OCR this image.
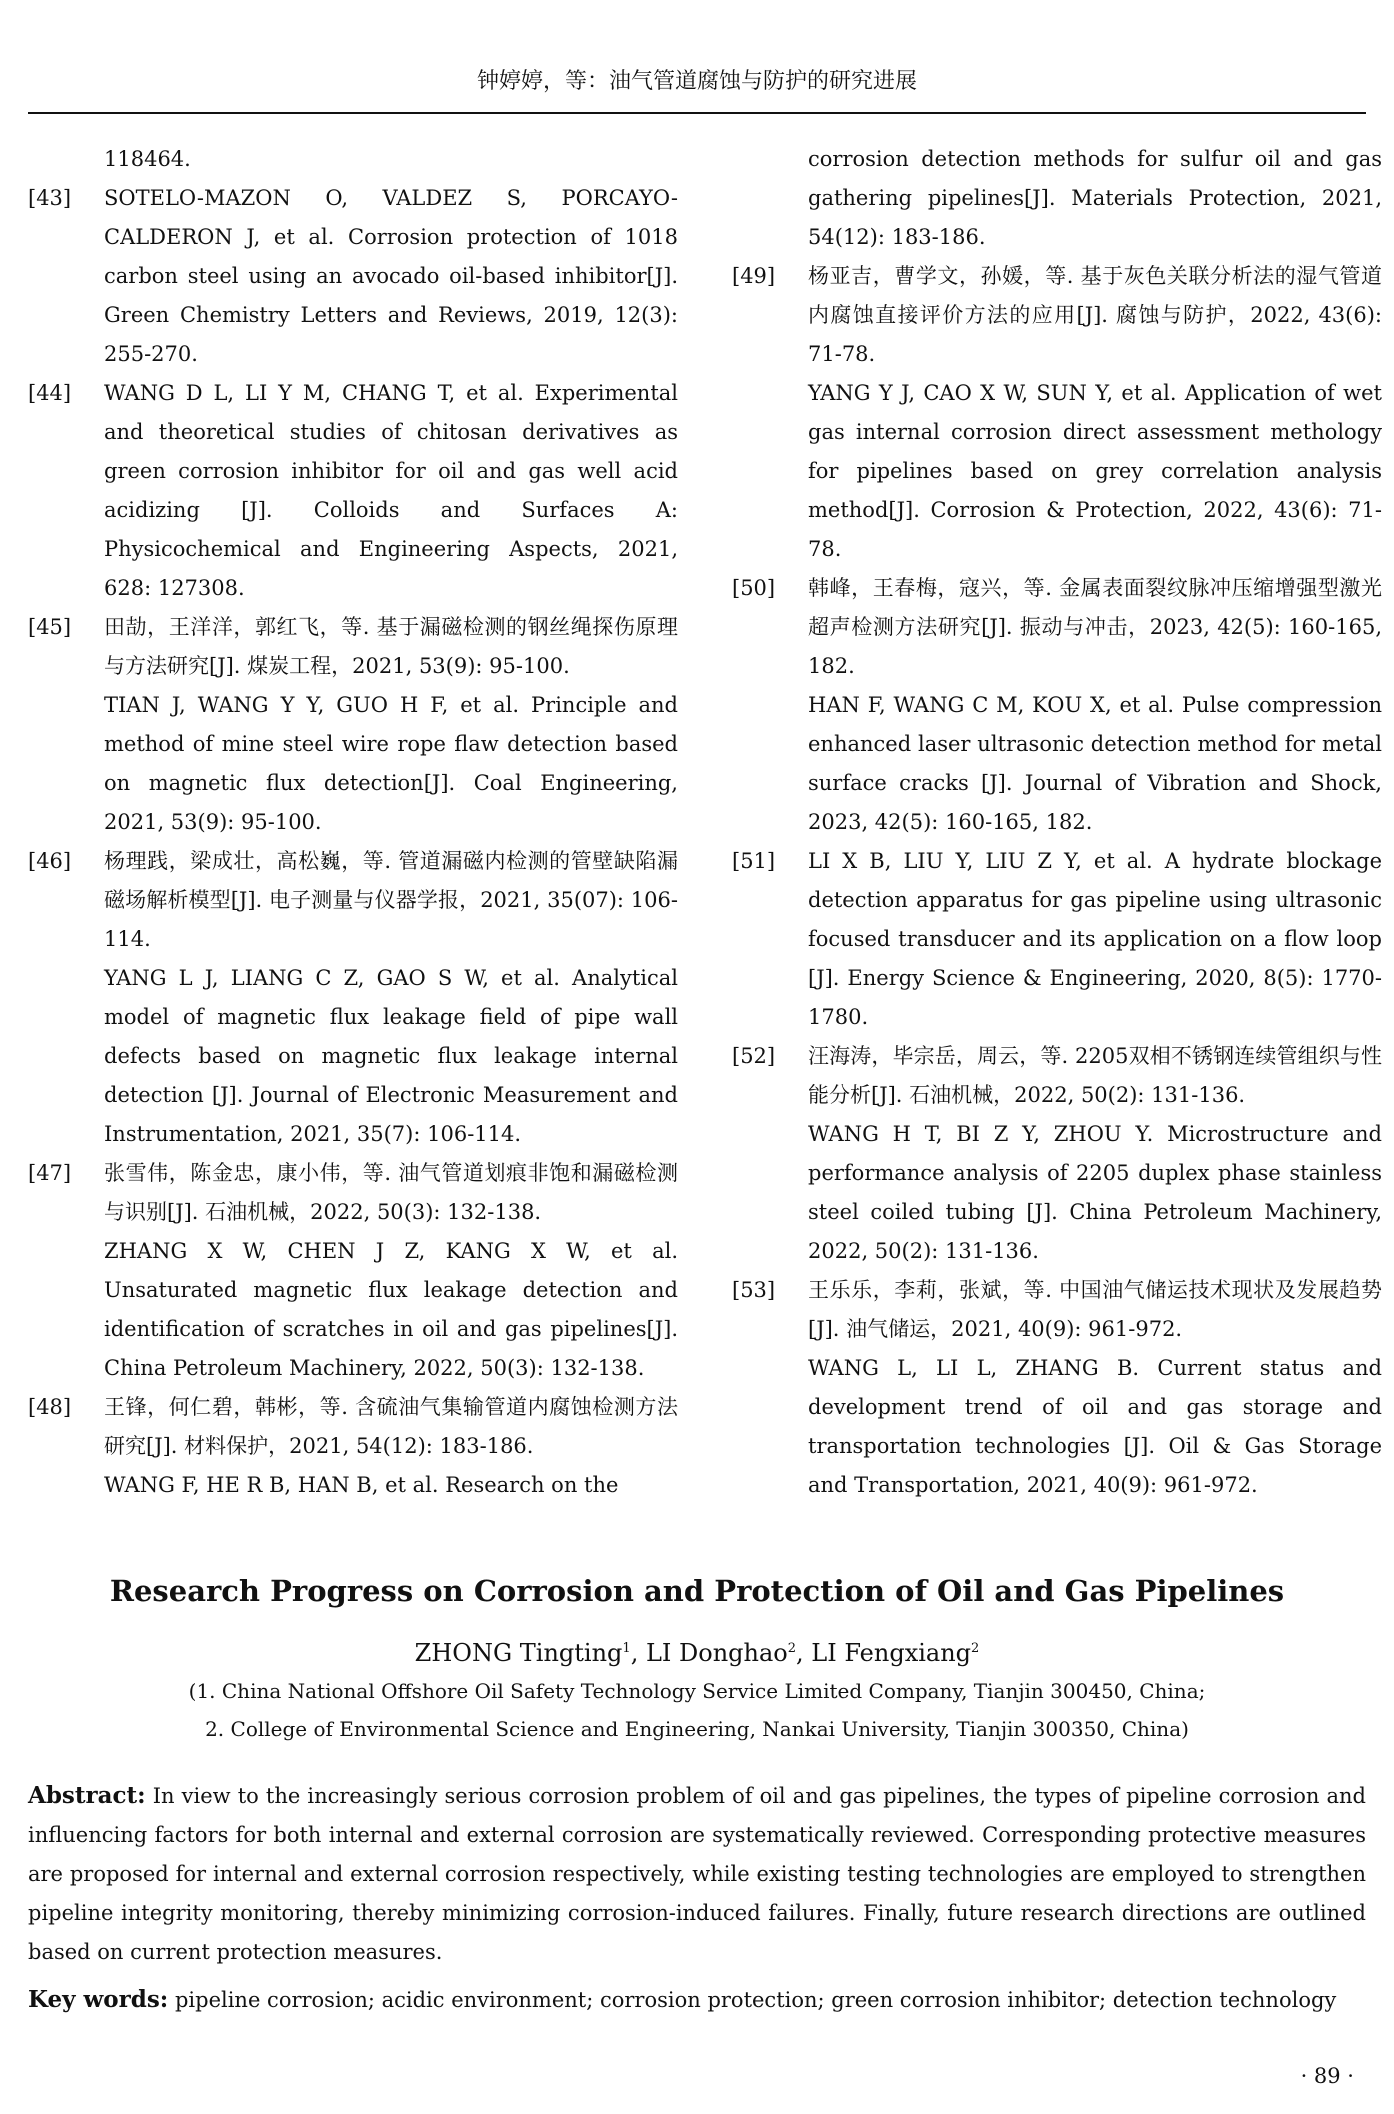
钟婷婷，等：油气管道腐蚀与防护的研究进展
118464.
[43] SOTELO-MAZON O, VALDEZ S, PORCAYO-CALDERON J, et al. Corrosion protection of 1018 carbon steel using an avocado oil-based inhibitor[J]. Green Chemistry Letters and Reviews, 2019, 12(3): 255-270.
[44] WANG D L, LI Y M, CHANG T, et al. Experimental and theoretical studies of chitosan derivatives as green corrosion inhibitor for oil and gas well acid acidizing [J]. Colloids and Surfaces A: Physicochemical and Engineering Aspects, 2021, 628: 127308.
[45] 田劼，王洋洋，郭红飞，等. 基于漏磁检测的钢丝绳探伤原理与方法研究[J]. 煤炭工程，2021, 53(9): 95-100.
TIAN J, WANG Y Y, GUO H F, et al. Principle and method of mine steel wire rope flaw detection based on magnetic flux detection[J]. Coal Engineering, 2021, 53(9): 95-100.
[46] 杨理践，梁成壮，高松巍，等. 管道漏磁内检测的管壁缺陷漏磁场解析模型[J]. 电子测量与仪器学报，2021, 35(07): 106-114.
YANG L J, LIANG C Z, GAO S W, et al. Analytical model of magnetic flux leakage field of pipe wall defects based on magnetic flux leakage internal detection [J]. Journal of Electronic Measurement and Instrumentation, 2021, 35(7): 106-114.
[47] 张雪伟，陈金忠，康小伟，等. 油气管道划痕非饱和漏磁检测与识别[J]. 石油机械，2022, 50(3): 132-138.
ZHANG X W, CHEN J Z, KANG X W, et al. Unsaturated magnetic flux leakage detection and identification of scratches in oil and gas pipelines[J]. China Petroleum Machinery, 2022, 50(3): 132-138.
[48] 王锋，何仁碧，韩彬，等. 含硫油气集输管道内腐蚀检测方法研究[J]. 材料保护，2021, 54(12): 183-186.
WANG F, HE R B, HAN B, et al. Research on the
corrosion detection methods for sulfur oil and gas gathering pipelines[J]. Materials Protection, 2021, 54(12): 183-186.
[49] 杨亚吉，曹学文，孙媛，等. 基于灰色关联分析法的湿气管道内腐蚀直接评价方法的应用[J]. 腐蚀与防护，2022, 43(6): 71-78.
YANG Y J, CAO X W, SUN Y, et al. Application of wet gas internal corrosion direct assessment methology for pipelines based on grey correlation analysis method[J]. Corrosion & Protection, 2022, 43(6): 71-78.
[50] 韩峰，王春梅，寇兴，等. 金属表面裂纹脉冲压缩增强型激光超声检测方法研究[J]. 振动与冲击，2023, 42(5): 160-165, 182.
HAN F, WANG C M, KOU X, et al. Pulse compression enhanced laser ultrasonic detection method for metal surface cracks [J]. Journal of Vibration and Shock, 2023, 42(5): 160-165, 182.
[51] LI X B, LIU Y, LIU Z Y, et al. A hydrate blockage detection apparatus for gas pipeline using ultrasonic focused transducer and its application on a flow loop [J]. Energy Science & Engineering, 2020, 8(5): 1770-1780.
[52] 汪海涛，毕宗岳，周云，等. 2205双相不锈钢连续管组织与性能分析[J]. 石油机械，2022, 50(2): 131-136.
WANG H T, BI Z Y, ZHOU Y. Microstructure and performance analysis of 2205 duplex phase stainless steel coiled tubing [J]. China Petroleum Machinery, 2022, 50(2): 131-136.
[53] 王乐乐，李莉，张斌，等. 中国油气储运技术现状及发展趋势[J]. 油气储运，2021, 40(9): 961-972.
WANG L, LI L, ZHANG B. Current status and development trend of oil and gas storage and transportation technologies [J]. Oil & Gas Storage and Transportation, 2021, 40(9): 961-972.
Research Progress on Corrosion and Protection of Oil and Gas Pipelines
ZHONG Tingting$^1$, LI Donghao$^2$, LI Fengxiang$^2$
(1. China National Offshore Oil Safety Technology Service Limited Company, Tianjin 300450, China;
2. College of Environmental Science and Engineering, Nankai University, Tianjin 300350, China)
Abstract: In view to the increasingly serious corrosion problem of oil and gas pipelines, the types of pipeline corrosion and influencing factors for both internal and external corrosion are systematically reviewed. Corresponding protective measures are proposed for internal and external corrosion respectively, while existing testing technologies are employed to strengthen pipeline integrity monitoring, thereby minimizing corrosion-induced failures. Finally, future research directions are outlined based on current protection measures.
Key words: pipeline corrosion; acidic environment; corrosion protection; green corrosion inhibitor; detection technology
· 89 ·
